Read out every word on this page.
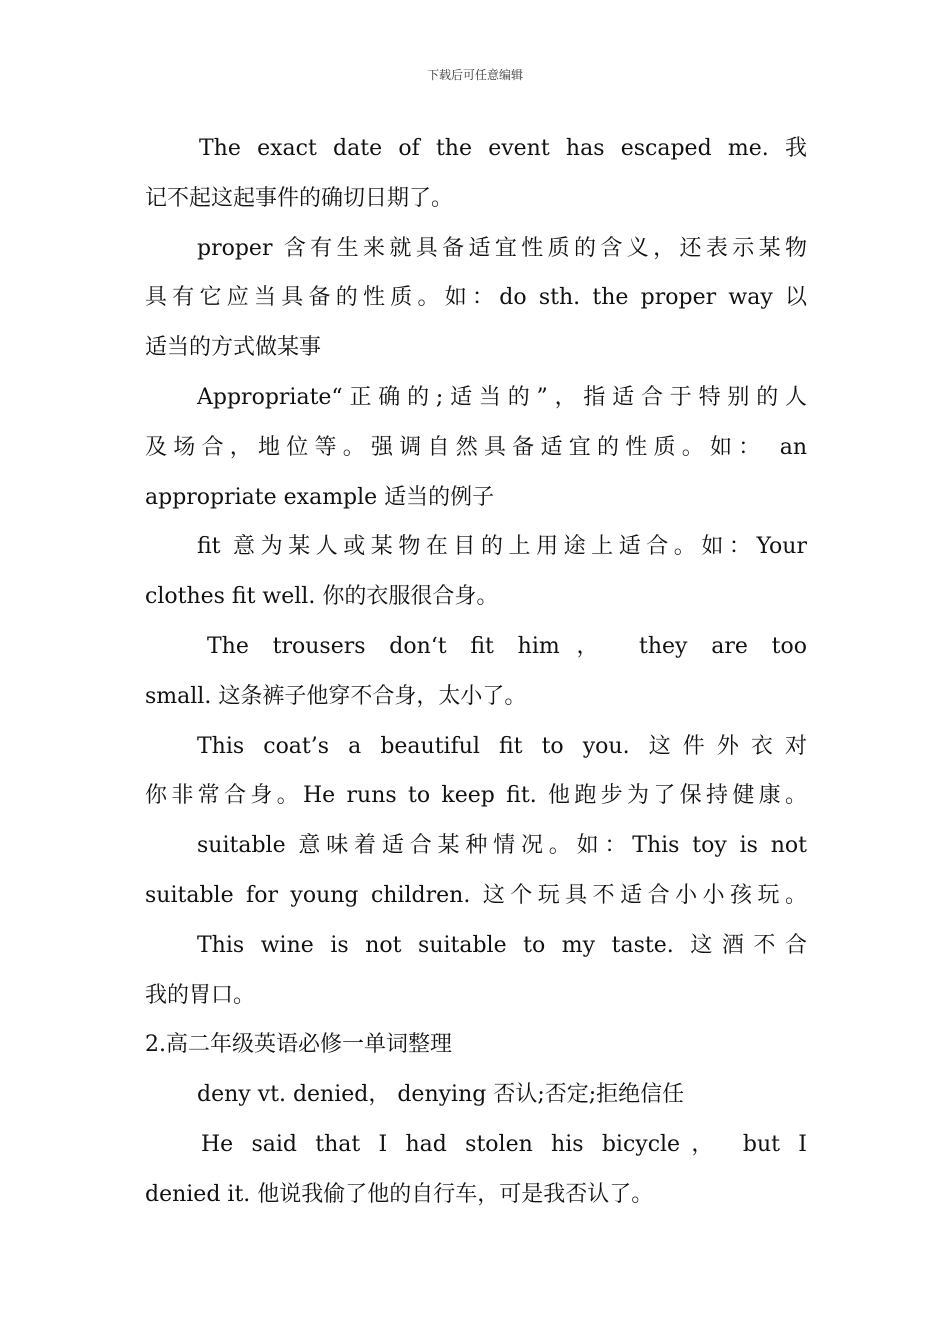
下载后可任意编辑
The exact date of the event has escaped me. 我
记不起这起事件的确切日期了。
proper 含有生来就具备适宜性质的含义，还表示某物
具有它应当具备的性质。如：do sth. the proper way 以
适当的方式做某事
Appropriate“正确的;适当的”，指适合于特别的人
及场合，地位等。强调自然具备适宜的性质。如： an
appropriate example 适当的例子
fit 意为某人或某物在目的上用途上适合。如：Your
clothes fit well. 你的衣服很合身。
The trousers don‘t fit him， they are too
small. 这条裤子他穿不合身，太小了。
This coat’s a beautiful fit to you. 这件外衣对
你非常合身。He runs to keep fit. 他跑步为了保持健康。
suitable 意味着适合某种情况。如：This toy is not
suitable for young children. 这个玩具不适合小小孩玩。
This wine is not suitable to my taste. 这酒不合
我的胃口。
2.高二年级英语必修一单词整理
deny vt. denied， denying 否认;否定;拒绝信任
He said that I had stolen his bicycle， but I
denied it. 他说我偷了他的自行车，可是我否认了。
